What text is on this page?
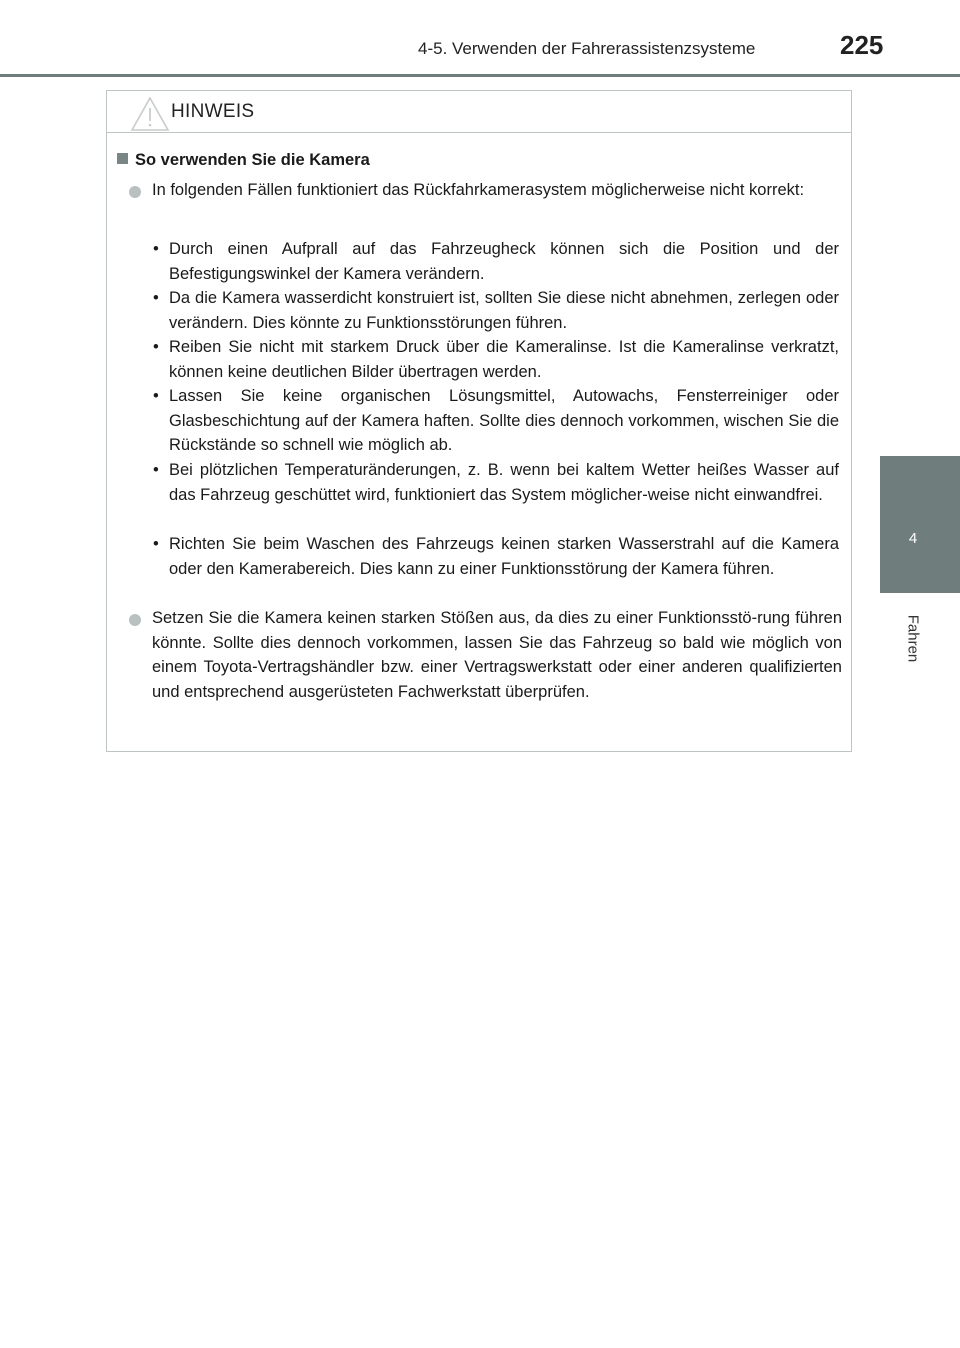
4-5. Verwenden der Fahrerassistenzsysteme	225
4
Fahren
HINWEIS
So verwenden Sie die Kamera
In folgenden Fällen funktioniert das Rückfahrkamerasystem möglicherweise nicht korrekt:
• Durch einen Aufprall auf das Fahrzeugheck können sich die Position und der Befestigungswinkel der Kamera verändern.
• Da die Kamera wasserdicht konstruiert ist, sollten Sie diese nicht abnehmen, zerlegen oder verändern. Dies könnte zu Funktionsstörungen führen.
• Reiben Sie nicht mit starkem Druck über die Kameralinse. Ist die Kameralinse verkratzt, können keine deutlichen Bilder übertragen werden.
• Lassen Sie keine organischen Lösungsmittel, Autowachs, Fensterreiniger oder Glasbeschichtung auf der Kamera haften. Sollte dies dennoch vorkommen, wischen Sie die Rückstände so schnell wie möglich ab.
• Bei plötzlichen Temperaturänderungen, z. B. wenn bei kaltem Wetter heißes Wasser auf das Fahrzeug geschüttet wird, funktioniert das System möglicher-weise nicht einwandfrei.
• Richten Sie beim Waschen des Fahrzeugs keinen starken Wasserstrahl auf die Kamera oder den Kamerabereich. Dies kann zu einer Funktionsstörung der Kamera führen.
Setzen Sie die Kamera keinen starken Stößen aus, da dies zu einer Funktionsstö-rung führen könnte. Sollte dies dennoch vorkommen, lassen Sie das Fahrzeug so bald wie möglich von einem Toyota-Vertragshändler bzw. einer Vertragswerkstatt oder einer anderen qualifizierten und entsprechend ausgerüsteten Fachwerkstatt überprüfen.
